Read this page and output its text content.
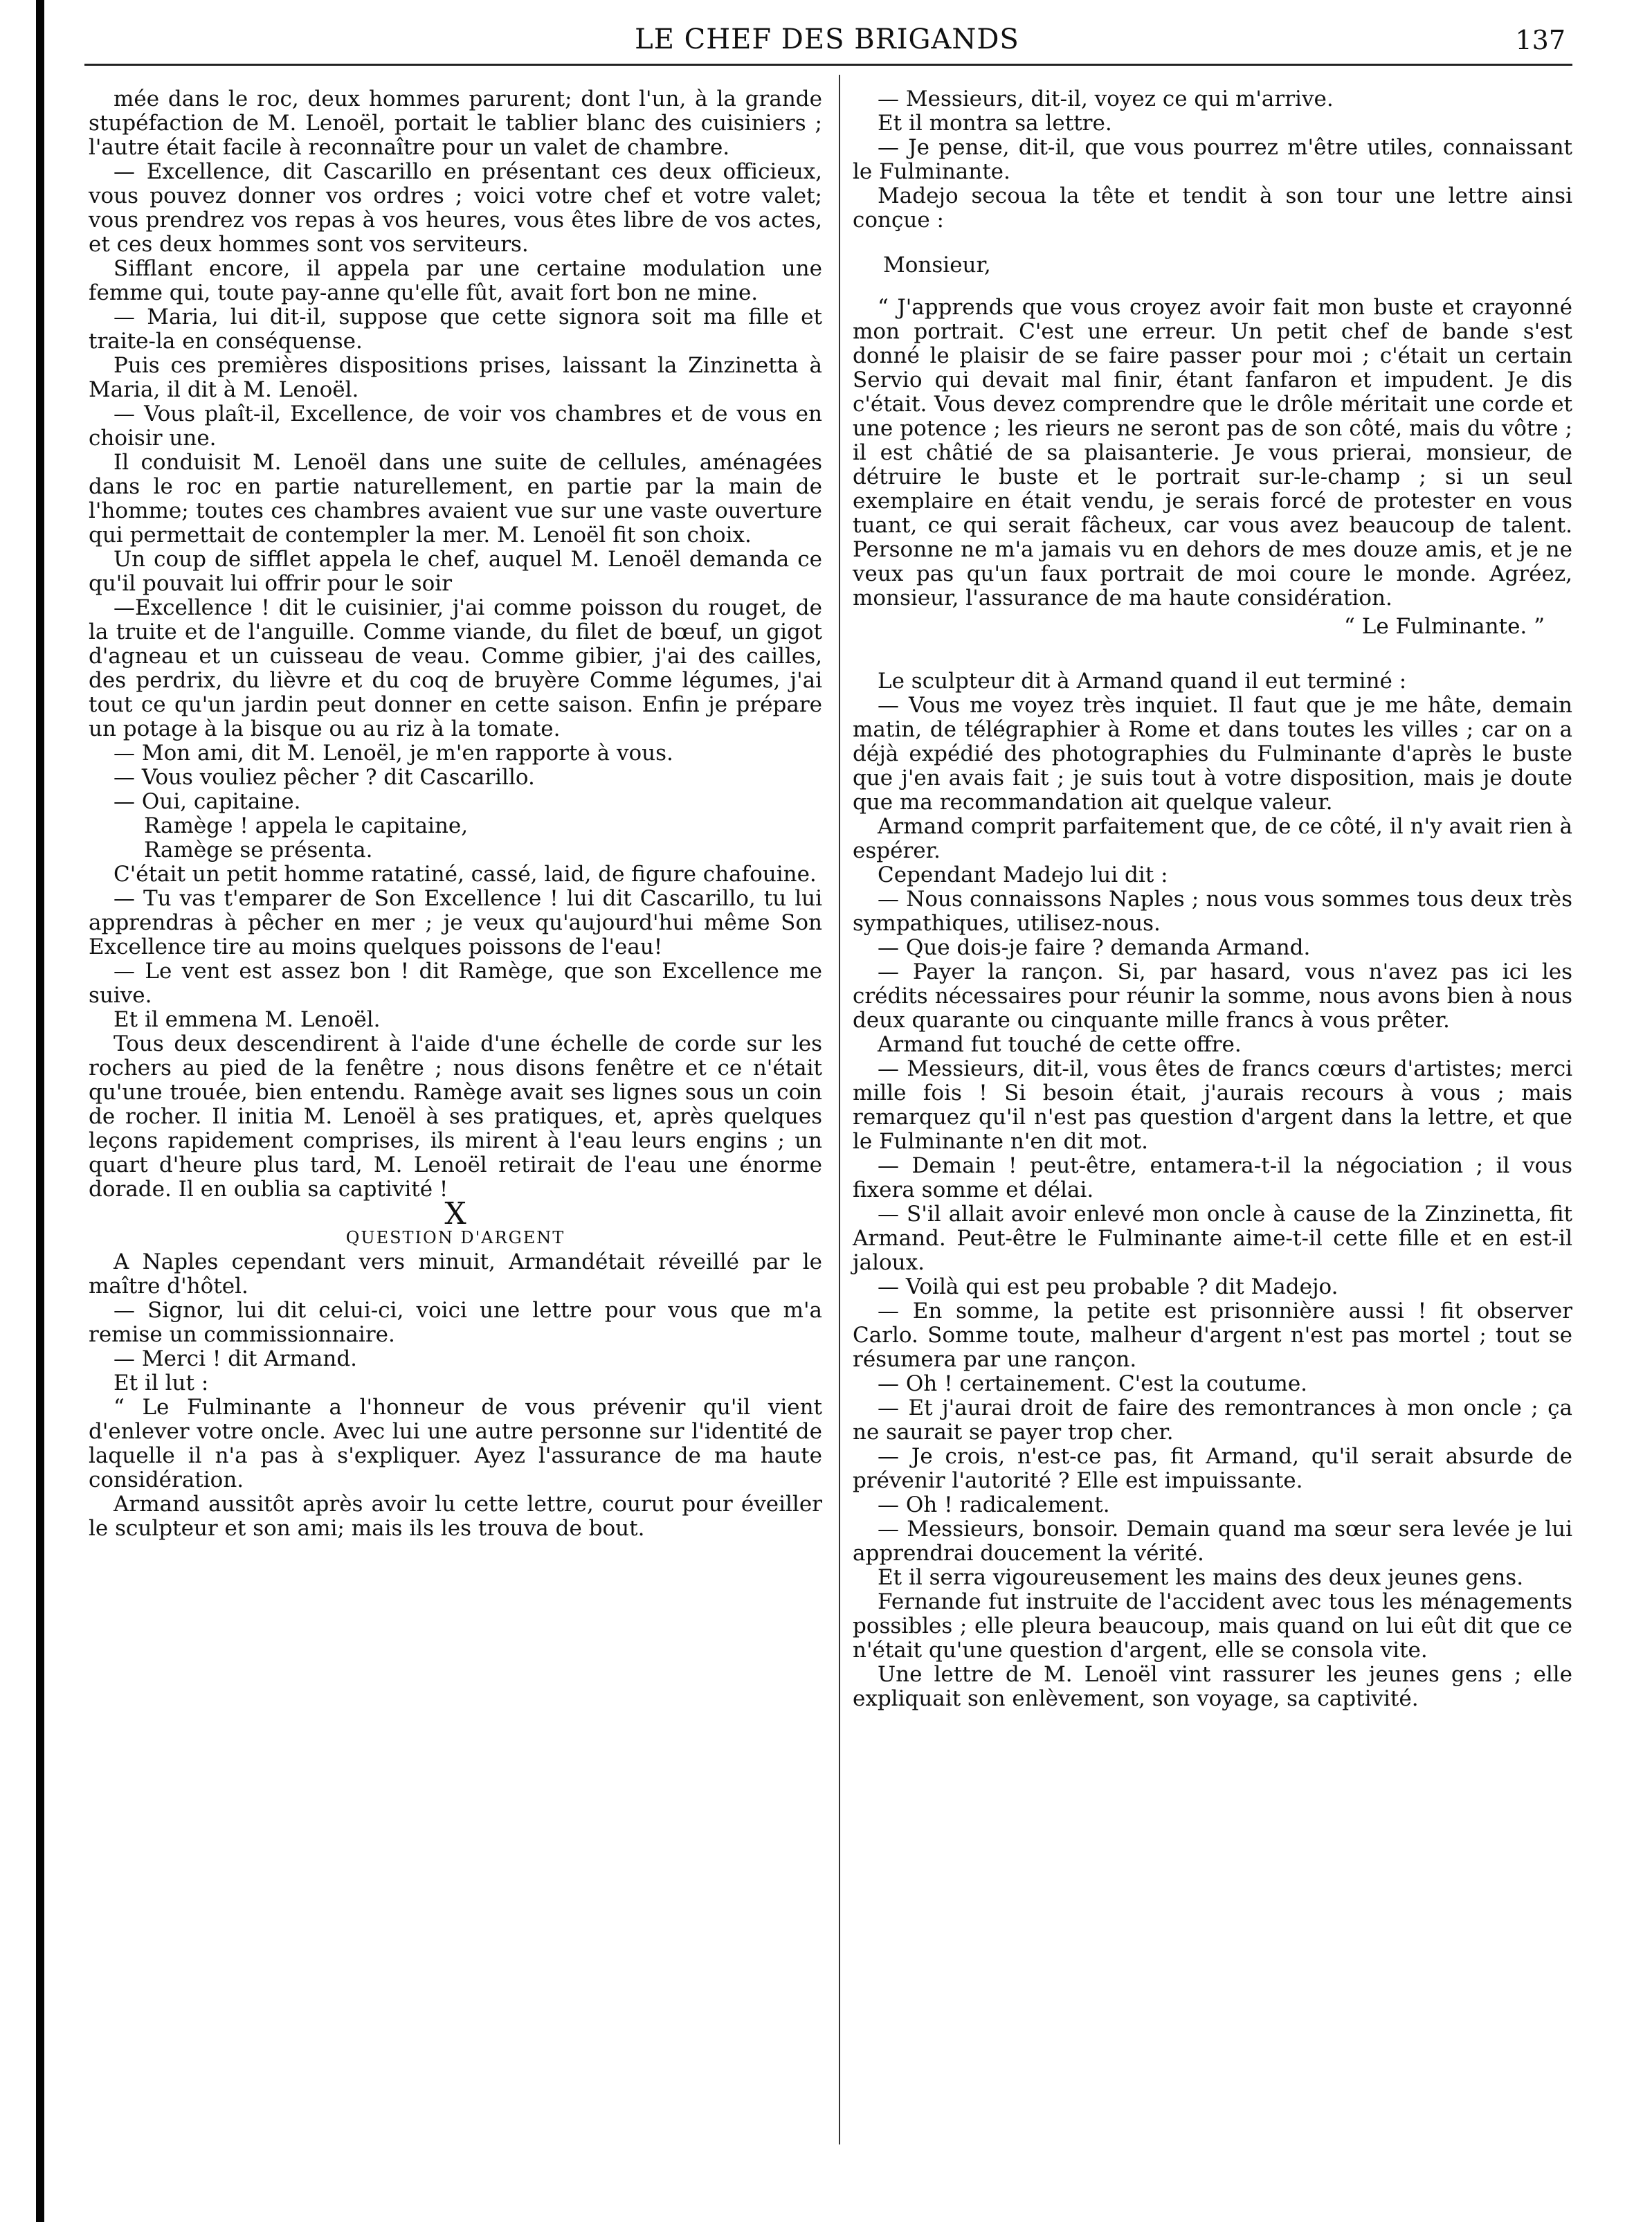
LE CHEF DES BRIGANDS	137

mée dans le roc, deux hommes parurent; dont l'un, à la grande stupéfaction de M. Lenoël, portait le tablier blanc des cuisiniers ; l'autre était facile à reconnaître pour un valet de chambre.

— Excellence, dit Cascarillo en présentant ces deux officieux, vous pouvez donner vos ordres ; voici votre chef et votre valet; vous prendrez vos repas à vos heures, vous êtes libre de vos actes, et ces deux hommes sont vos serviteurs.

Sifflant encore, il appela par une certaine modulation une femme qui, toute pay-anne qu'elle fût, avait fort bon ne mine.

— Maria, lui dit-il, suppose que cette signora soit ma fille et traite-la en conséquense.

Puis ces premières dispositions prises, laissant la Zinzinetta à Maria, il dit à M. Lenoël.

— Vous plaît-il, Excellence, de voir vos chambres et de vous en choisir une.

Il conduisit M. Lenoël dans une suite de cellules, aménagées dans le roc en partie naturellement, en partie par la main de l'homme; toutes ces chambres avaient vue sur une vaste ouverture qui permettait de contempler la mer. M. Lenoël fit son choix.

Un coup de sifflet appela le chef, auquel M. Lenoël demanda ce qu'il pouvait lui offrir pour le soir

—Excellence ! dit le cuisinier, j'ai comme poisson du rouget, de la truite et de l'anguille. Comme viande, du filet de bœuf, un gigot d'agneau et un cuisseau de veau. Comme gibier, j'ai des cailles, des perdrix, du lièvre et du coq de bruyère Comme légumes, j'ai tout ce qu'un jardin peut donner en cette saison. Enfin je prépare un potage à la bisque ou au riz à la tomate.

— Mon ami, dit M. Lenoël, je m'en rapporte à vous.

— Vous vouliez pêcher ? dit Cascarillo.

— Oui, capitaine.

Ramège ! appela le capitaine,

Ramège se présenta.

C'était un petit homme ratatiné, cassé, laid, de figure chafouine.

— Tu vas t'emparer de Son Excellence ! lui dit Cascarillo, tu lui apprendras à pêcher en mer ; je veux qu'aujourd'hui même Son Excellence tire au moins quelques poissons de l'eau!

— Le vent est assez bon ! dit Ramège, que son Excellence me suive.

Et il emmena M. Lenoël.

Tous deux descendirent à l'aide d'une échelle de corde sur les rochers au pied de la fenêtre ; nous disons fenêtre et ce n'était qu'une trouée, bien entendu. Ramège avait ses lignes sous un coin de rocher. Il initia M. Lenoël à ses pratiques, et, après quelques leçons rapidement comprises, ils mirent à l'eau leurs engins ; un quart d'heure plus tard, M. Lenoël retirait de l'eau une énorme dorade. Il en oublia sa captivité !

X

QUESTION D'ARGENT

A Naples cependant vers minuit, Armandétait réveillé par le maître d'hôtel.

— Signor, lui dit celui-ci, voici une lettre pour vous que m'a remise un commissionnaire.

— Merci ! dit Armand.

Et il lut :

“ Le Fulminante a l'honneur de vous prévenir qu'il vient d'enlever votre oncle. Avec lui une autre personne sur l'identité de laquelle il n'a pas à s'expliquer. Ayez l'assurance de ma haute considération.

Armand aussitôt après avoir lu cette lettre, courut pour éveiller le sculpteur et son ami; mais ils les trouva de bout.

— Messieurs, dit-il, voyez ce qui m'arrive.

Et il montra sa lettre.

— Je pense, dit-il, que vous pourrez m'être utiles, connaissant le Fulminante.

Madejo secoua la tête et tendit à son tour une lettre ainsi conçue :

Monsieur,

“ J'apprends que vous croyez avoir fait mon buste et crayonné mon portrait. C'est une erreur. Un petit chef de bande s'est donné le plaisir de se faire passer pour moi ; c'était un certain Servio qui devait mal finir, étant fanfaron et impudent. Je dis c'était. Vous devez comprendre que le drôle méritait une corde et une potence ; les rieurs ne seront pas de son côté, mais du vôtre ; il est châtié de sa plaisanterie. Je vous prierai, monsieur, de détruire le buste et le portrait sur-le-champ ; si un seul exemplaire en était vendu, je serais forcé de protester en vous tuant, ce qui serait fâcheux, car vous avez beaucoup de talent. Personne ne m'a jamais vu en dehors de mes douze amis, et je ne veux pas qu'un faux portrait de moi coure le monde. Agréez, monsieur, l'assurance de ma haute considération.

“ Le Fulminante. ”

Le sculpteur dit à Armand quand il eut terminé :

— Vous me voyez très inquiet. Il faut que je me hâte, demain matin, de télégraphier à Rome et dans toutes les villes ; car on a déjà expédié des photographies du Fulminante d'après le buste que j'en avais fait ; je suis tout à votre disposition, mais je doute que ma recommandation ait quelque valeur.

Armand comprit parfaitement que, de ce côté, il n'y avait rien à espérer.

Cependant Madejo lui dit :

— Nous connaissons Naples ; nous vous sommes tous deux très sympathiques, utilisez-nous.

— Que dois-je faire ? demanda Armand.

— Payer la rançon. Si, par hasard, vous n'avez pas ici les crédits nécessaires pour réunir la somme, nous avons bien à nous deux quarante ou cinquante mille francs à vous prêter.

Armand fut touché de cette offre.

— Messieurs, dit-il, vous êtes de francs cœurs d'artistes; merci mille fois ! Si besoin était, j'aurais recours à vous ; mais remarquez qu'il n'est pas question d'argent dans la lettre, et que le Fulminante n'en dit mot.

— Demain ! peut-être, entamera-t-il la négociation ; il vous fixera somme et délai.

— S'il allait avoir enlevé mon oncle à cause de la Zinzinetta, fit Armand. Peut-être le Fulminante aime-t-il cette fille et en est-il jaloux.

— Voilà qui est peu probable ? dit Madejo.

— En somme, la petite est prisonnière aussi ! fit observer Carlo. Somme toute, malheur d'argent n'est pas mortel ; tout se résumera par une rançon.

— Oh ! certainement. C'est la coutume.

— Et j'aurai droit de faire des remontrances à mon oncle ; ça ne saurait se payer trop cher.

— Je crois, n'est-ce pas, fit Armand, qu'il serait absurde de prévenir l'autorité ? Elle est impuissante.

— Oh ! radicalement.

— Messieurs, bonsoir. Demain quand ma sœur sera levée je lui apprendrai doucement la vérité.

Et il serra vigoureusement les mains des deux jeunes gens.

Fernande fut instruite de l'accident avec tous les ménagements possibles ; elle pleura beaucoup, mais quand on lui eût dit que ce n'était qu'une question d'argent, elle se consola vite.

Une lettre de M. Lenoël vint rassurer les jeunes gens ; elle expliquait son enlèvement, son voyage, sa captivité.
